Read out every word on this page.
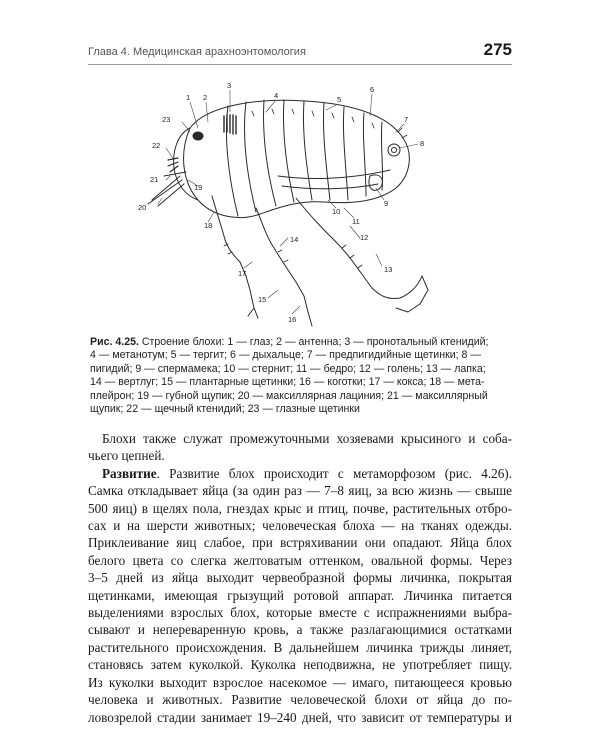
Глава 4. Медицинская арахноэнтомология	275
1 2
3
4	5
6
7
8
9
10
11
12
13
14
15
16
17
18
19
20
21
22
23
Рис. 4.25. Строение блохи: 1 — глаз; 2 — антенна; 3 — пронотальный ктенидий;
4 — метанотум; 5 — тергит; 6 — дыхальце; 7 — предпигидийные щетинки; 8 —
пигидий; 9 — спермамека; 10 — стернит; 11 — бедро; 12 — голень; 13 — лапка;
14 — вертлуг; 15 — плантарные щетинки; 16 — коготки; 17 — кокса; 18 — мета-
плейрон; 19 — губной щупик; 20 — максиллярная лациния; 21 — максиллярный
щупик; 22 — щечный ктенидий; 23 — глазные щетинки
Блохи также служат промежуточными хозяевами крысиного и соба-
чьего цепней.
Развитие. Развитие блох происходит с метаморфозом (рис. 4.26).
Самка откладывает яйца (за один раз — 7–8 яиц, за всю жизнь — свыше
500 яиц) в щелях пола, гнездах крыс и птиц, почве, растительных отбро-
сах и на шерсти животных; человеческая блоха — на тканях одежды.
Приклеивание яиц слабое, при встряхивании они опадают. Яйца блох
белого цвета со слегка желтоватым оттенком, овальной формы. Через
3–5 дней из яйца выходит червеобразной формы личинка, покрытая
щетинками, имеющая грызущий ротовой аппарат. Личинка питается
выделениями взрослых блох, которые вместе с испражнениями выбра-
сывают и непереваренную кровь, а также разлагающимися остатками
растительного происхождения. В дальнейшем личинка трижды линяет,
становясь затем куколкой. Куколка неподвижна, не употребляет пищу.
Из куколки выходит взрослое насекомое — имаго, питающееся кровью
человека и животных. Развитие человеческой блохи от яйца до по-
ловозрелой стадии занимает 19–240 дней, что зависит от температуры и
